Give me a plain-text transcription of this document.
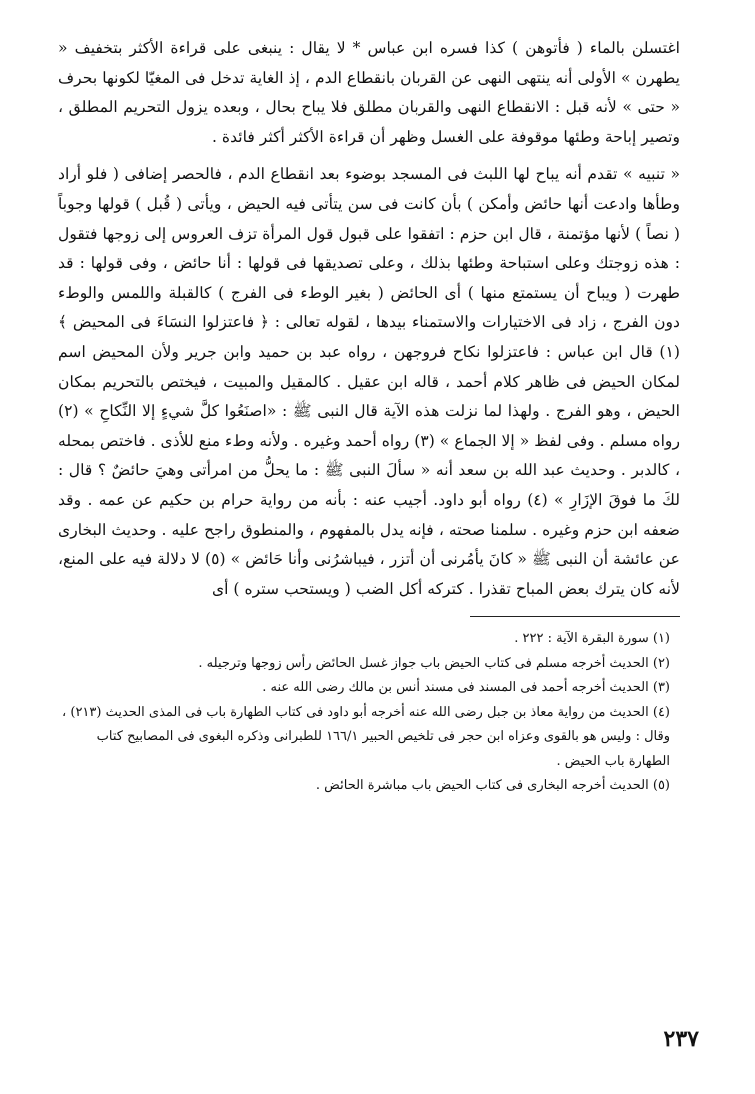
اغتسلن بالماء ( فأتوهن ) كذا فسره ابن عباس * لا يقال : ينبغى على قراءة الأكثر بتخفيف « يطهرن » الأولى أنه ينتهى النهى عن القربان بانقطاع الدم ، إذ الغاية تدخل فى المغيّا لكونها بحرف « حتى » لأنه قبل : الانقطاع النهى والقربان مطلق فلا يباح بحال ، وبعده يزول التحريم المطلق ، وتصير إباحة وطئها موقوفة على الغسل وظهر أن قراءة الأكثر أكثر فائدة .

« تنبيه » تقدم أنه يباح لها اللبث فى المسجد بوضوء بعد انقطاع الدم ، فالحصر إضافى ( فلو أراد وطأها وادعت أنها حائض وأمكن ) بأن كانت فى سن يتأتى فيه الحيض ، ويأتى ( قُبل ) قولها وجوباً ( نصاً ) لأنها مؤتمنة ، قال ابن حزم : اتفقوا على قبول قول المرأة تزف العروس إلى زوجها فتقول : هذه زوجتك وعلى استباحة وطئها بذلك ، وعلى تصديقها فى قولها : أنا حائض ، وفى قولها : قد طهرت ( ويباح أن يستمتع منها ) أى الحائض ( بغير الوطء فى الفرج ) كالقبلة واللمس والوطء دون الفرج ، زاد فى الاختيارات والاستمناء بيدها ، لقوله تعالى : ﴿ فاعتزلوا النسَاءَ فى المحيض ﴾ (١) قال ابن عباس : فاعتزلوا نكاح فروجهن ، رواه عبد بن حميد وابن جرير ولأن المحيض اسم لمكان الحيض فى ظاهر كلام أحمد ، قاله ابن عقيل . كالمقيل والمبيت ، فيختص بالتحريم بمكان الحيض ، وهو الفرج . ولهذا لما نزلت هذه الآية قال النبى ﷺ : «اصنَعُوا كلَّ شيءٍ إلا النِّكاحِ » (٢) رواه مسلم . وفى لفظ « إلا الجماع » (٣) رواه أحمد وغيره . ولأنه وطء منع للأذى . فاختص بمحله ، كالدبر . وحديث عبد الله بن سعد أنه « سألَ النبى ﷺ : ما يحلُّ من امرأتى وهيَ حائضٌ ؟ قال : لكَ ما فوقَ الإزَارِ » (٤) رواه أبو داود. أجيب عنه : بأنه من رواية حرام بن حكيم عن عمه . وقد ضعفه ابن حزم وغيره . سلمنا صحته ، فإنه يدل بالمفهوم ، والمنطوق راجح عليه . وحديث البخارى عن عائشة أن النبى ﷺ « كانَ يأمُرنى أن أتزر ، فيباشرُنى وأنا حَائض » (٥) لا دلالة فيه على المنع، لأنه كان يترك بعض المباح تقذرا . كتركه أكل الضب ( ويستحب ستره ) أى

(١) سورة البقرة الآية : ٢٢٢ .

(٢) الحديث أخرجه مسلم فى كتاب الحيض باب جواز غسل الحائض رأس زوجها وترجيله .

(٣) الحديث أخرجه أحمد فى المسند فى مسند أنس بن مالك رضى الله عنه .

(٤) الحديث من رواية معاذ بن جبل رضى الله عنه أخرجه أبو داود فى كتاب الطهارة باب فى المذى الحديث (٢١٣) ، وقال : وليس هو بالقوى وعزاه ابن حجر فى تلخيص الحبير ١٦٦/١ للطبرانى وذكره البغوى فى المصابيح كتاب الطهارة باب الحيض .

(٥) الحديث أخرجه البخارى فى كتاب الحيض باب مباشرة الحائض .

٢٣٧
